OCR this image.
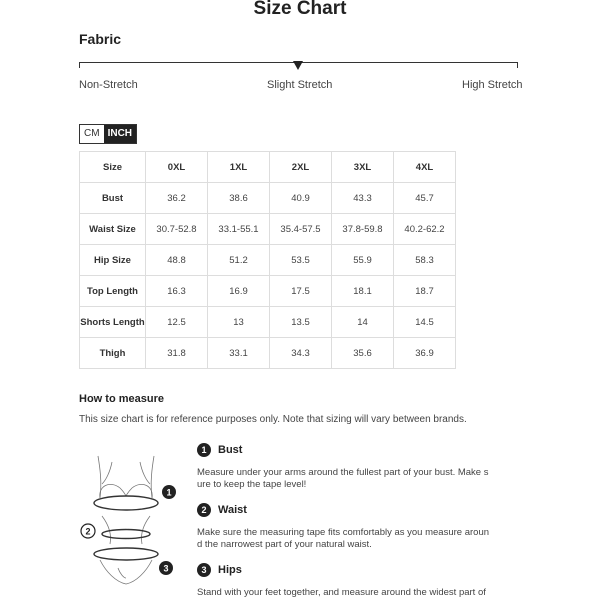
Size Chart
Fabric
Non-Stretch	Slight Stretch	High Stretch
CM INCH
Size	0XL	1XL	2XL	3XL	4XL
Bust	36.2	38.6	40.9	43.3	45.7
Waist Size	30.7-52.8	33.1-55.1	35.4-57.5	37.8-59.8	40.2-62.2
Hip Size	48.8	51.2	53.5	55.9	58.3
Top Length	16.3	16.9	17.5	18.1	18.7
Shorts Length	12.5	13	13.5	14	14.5
Thigh	31.8	33.1	34.3	35.6	36.9
How to measure
This size chart is for reference purposes only. Note that sizing will vary between brands.
1
2
3
1	Bust
Measure under your arms around the fullest part of your bust. Make s
ure to keep the tape level!
2	Waist
Make sure the measuring tape fits comfortably as you measure aroun
d the narrowest part of your natural waist.
3	Hips
Stand with your feet together, and measure around the widest part of
